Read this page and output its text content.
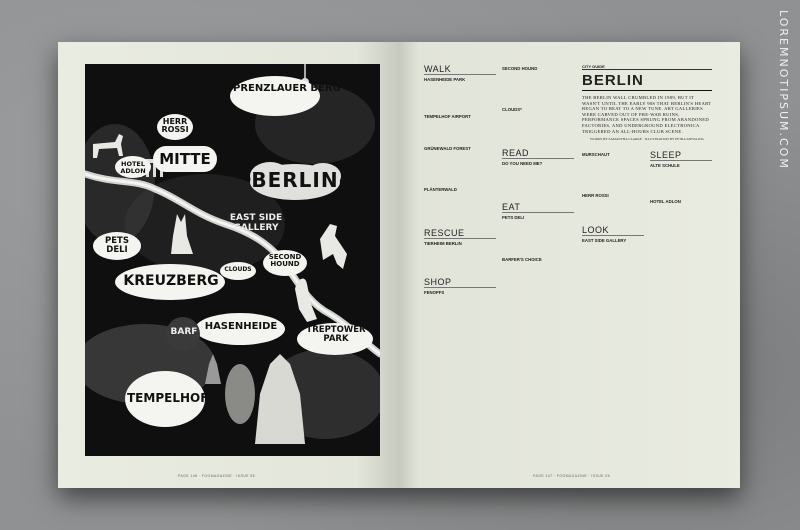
LOREMNOTIPSUM.COM
PRENZLAUER BERG
HERR ROSSI
HOTEL ADLON
MITTE
BERLIN
EAST SIDE GALLERY
SECOND HOUND
PETS DELI
CLOUDS
KREUZBERG
TREPTOWER PARK
BARF HASENHEIDE
TEMPELHOF
PAGE 146 · FOGMAGAZINE · ISSUE 05
WALK
HASENHEIDE PARK

TEMPELHOF AIRPORT

GRÜNEWALD FOREST

PLÄNTERWALD

RESCUE
TIERHEIM BERLIN

SHOP
FENOPFS

SECOND HOUND

CLOUDS*

READ
DO YOU NEED ME?

EAT
PETS DELI

BARFER'S CHOICE

CITY GUIDE
BERLIN

THE BERLIN WALL CRUMBLED IN 1989, BUT IT WASN'T UNTIL THE EARLY 90S THAT BERLIN'S HEART BEGAN TO BEAT TO A NEW TUNE. ART GALLERIES WERE CARVED OUT OF PRE-WAR RUINS, PERFORMANCE SPACES SPRUNG FROM ABANDONED FACTORIES, AND UNDERGROUND ELECTRONICA TRIGGERED AN ALL-HOURS CLUB SCENE.

WORDS BY SAMANTHA CLARKE · ILLUSTRATION BY PETRA KIESSLING

MURSCHAUT

HERR ROSSI

LOOK
EAST SIDE GALLERY

SLEEP
ALTE SCHULE

HOTEL ADLON

PAGE 147 · FOGMAGAZINE · ISSUE 05
